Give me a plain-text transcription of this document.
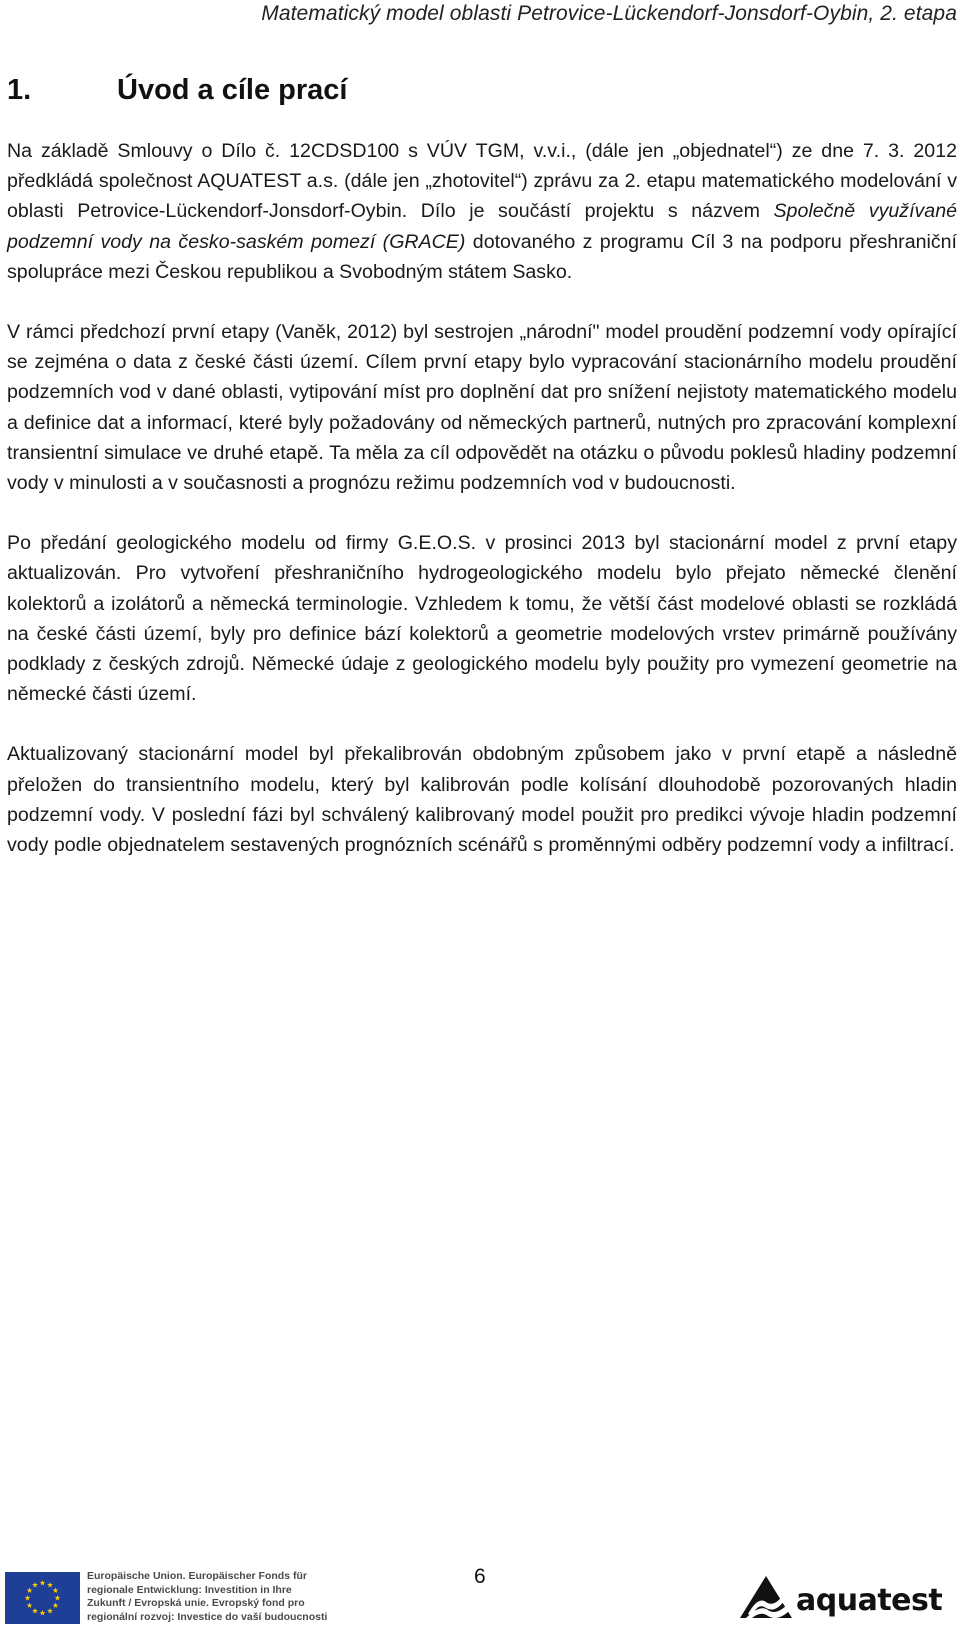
Matematický model oblasti Petrovice-Lückendorf-Jonsdorf-Oybin, 2. etapa
1.	Úvod a cíle prací

Na základě Smlouvy o Dílo č. 12CDSD100 s VÚV TGM, v.v.i., (dále jen „objednatel“) ze dne 7. 3. 2012 předkládá společnost AQUATEST a.s. (dále jen „zhotovitel“) zprávu za 2. etapu matematického modelování v oblasti Petrovice-Lückendorf-Jonsdorf-Oybin. Dílo je součástí projektu s názvem Společně využívané podzemní vody na česko-saském pomezí (GRACE) dotovaného z programu Cíl 3 na podporu přeshraniční spolupráce mezi Českou republikou a Svobodným státem Sasko.

V rámci předchozí první etapy (Vaněk, 2012) byl sestrojen „národní" model proudění podzemní vody opírající se zejména o data z české části území. Cílem první etapy bylo vypracování stacionárního modelu proudění podzemních vod v dané oblasti, vytipování míst pro doplnění dat pro snížení nejistoty matematického modelu a definice dat a informací, které byly požadovány od německých partnerů, nutných pro zpracování komplexní transientní simulace ve druhé etapě. Ta měla za cíl odpovědět na otázku o původu poklesů hladiny podzemní vody v minulosti a v současnosti a prognózu režimu podzemních vod v budoucnosti.

Po předání geologického modelu od firmy G.E.O.S. v prosinci 2013 byl stacionární model z první etapy aktualizován. Pro vytvoření přeshraničního hydrogeologického modelu bylo přejato německé členění kolektorů a izolátorů a německá terminologie. Vzhledem k tomu, že větší část modelové oblasti se rozkládá na české části území, byly pro definice bází kolektorů a geometrie modelových vrstev primárně používány podklady z českých zdrojů. Německé údaje z geologického modelu byly použity pro vymezení geometrie na německé části území.

Aktualizovaný stacionární model byl překalibrován obdobným způsobem jako v první etapě a následně přeložen do transientního modelu, který byl kalibrován podle kolísání dlouhodobě pozorovaných hladin podzemní vody. V poslední fázi byl schválený kalibrovaný model použit pro predikci vývoje hladin podzemní vody podle objednatelem sestavených prognózních scénářů s proměnnými odběry podzemní vody a infiltrací.

Europäische Union. Europäischer Fonds für
regionale Entwicklung: Investition in Ihre
Zukunft / Evropská unie. Evropský fond pro
regionální rozvoj: Investice do vaší budoucnosti
6
aquatest
